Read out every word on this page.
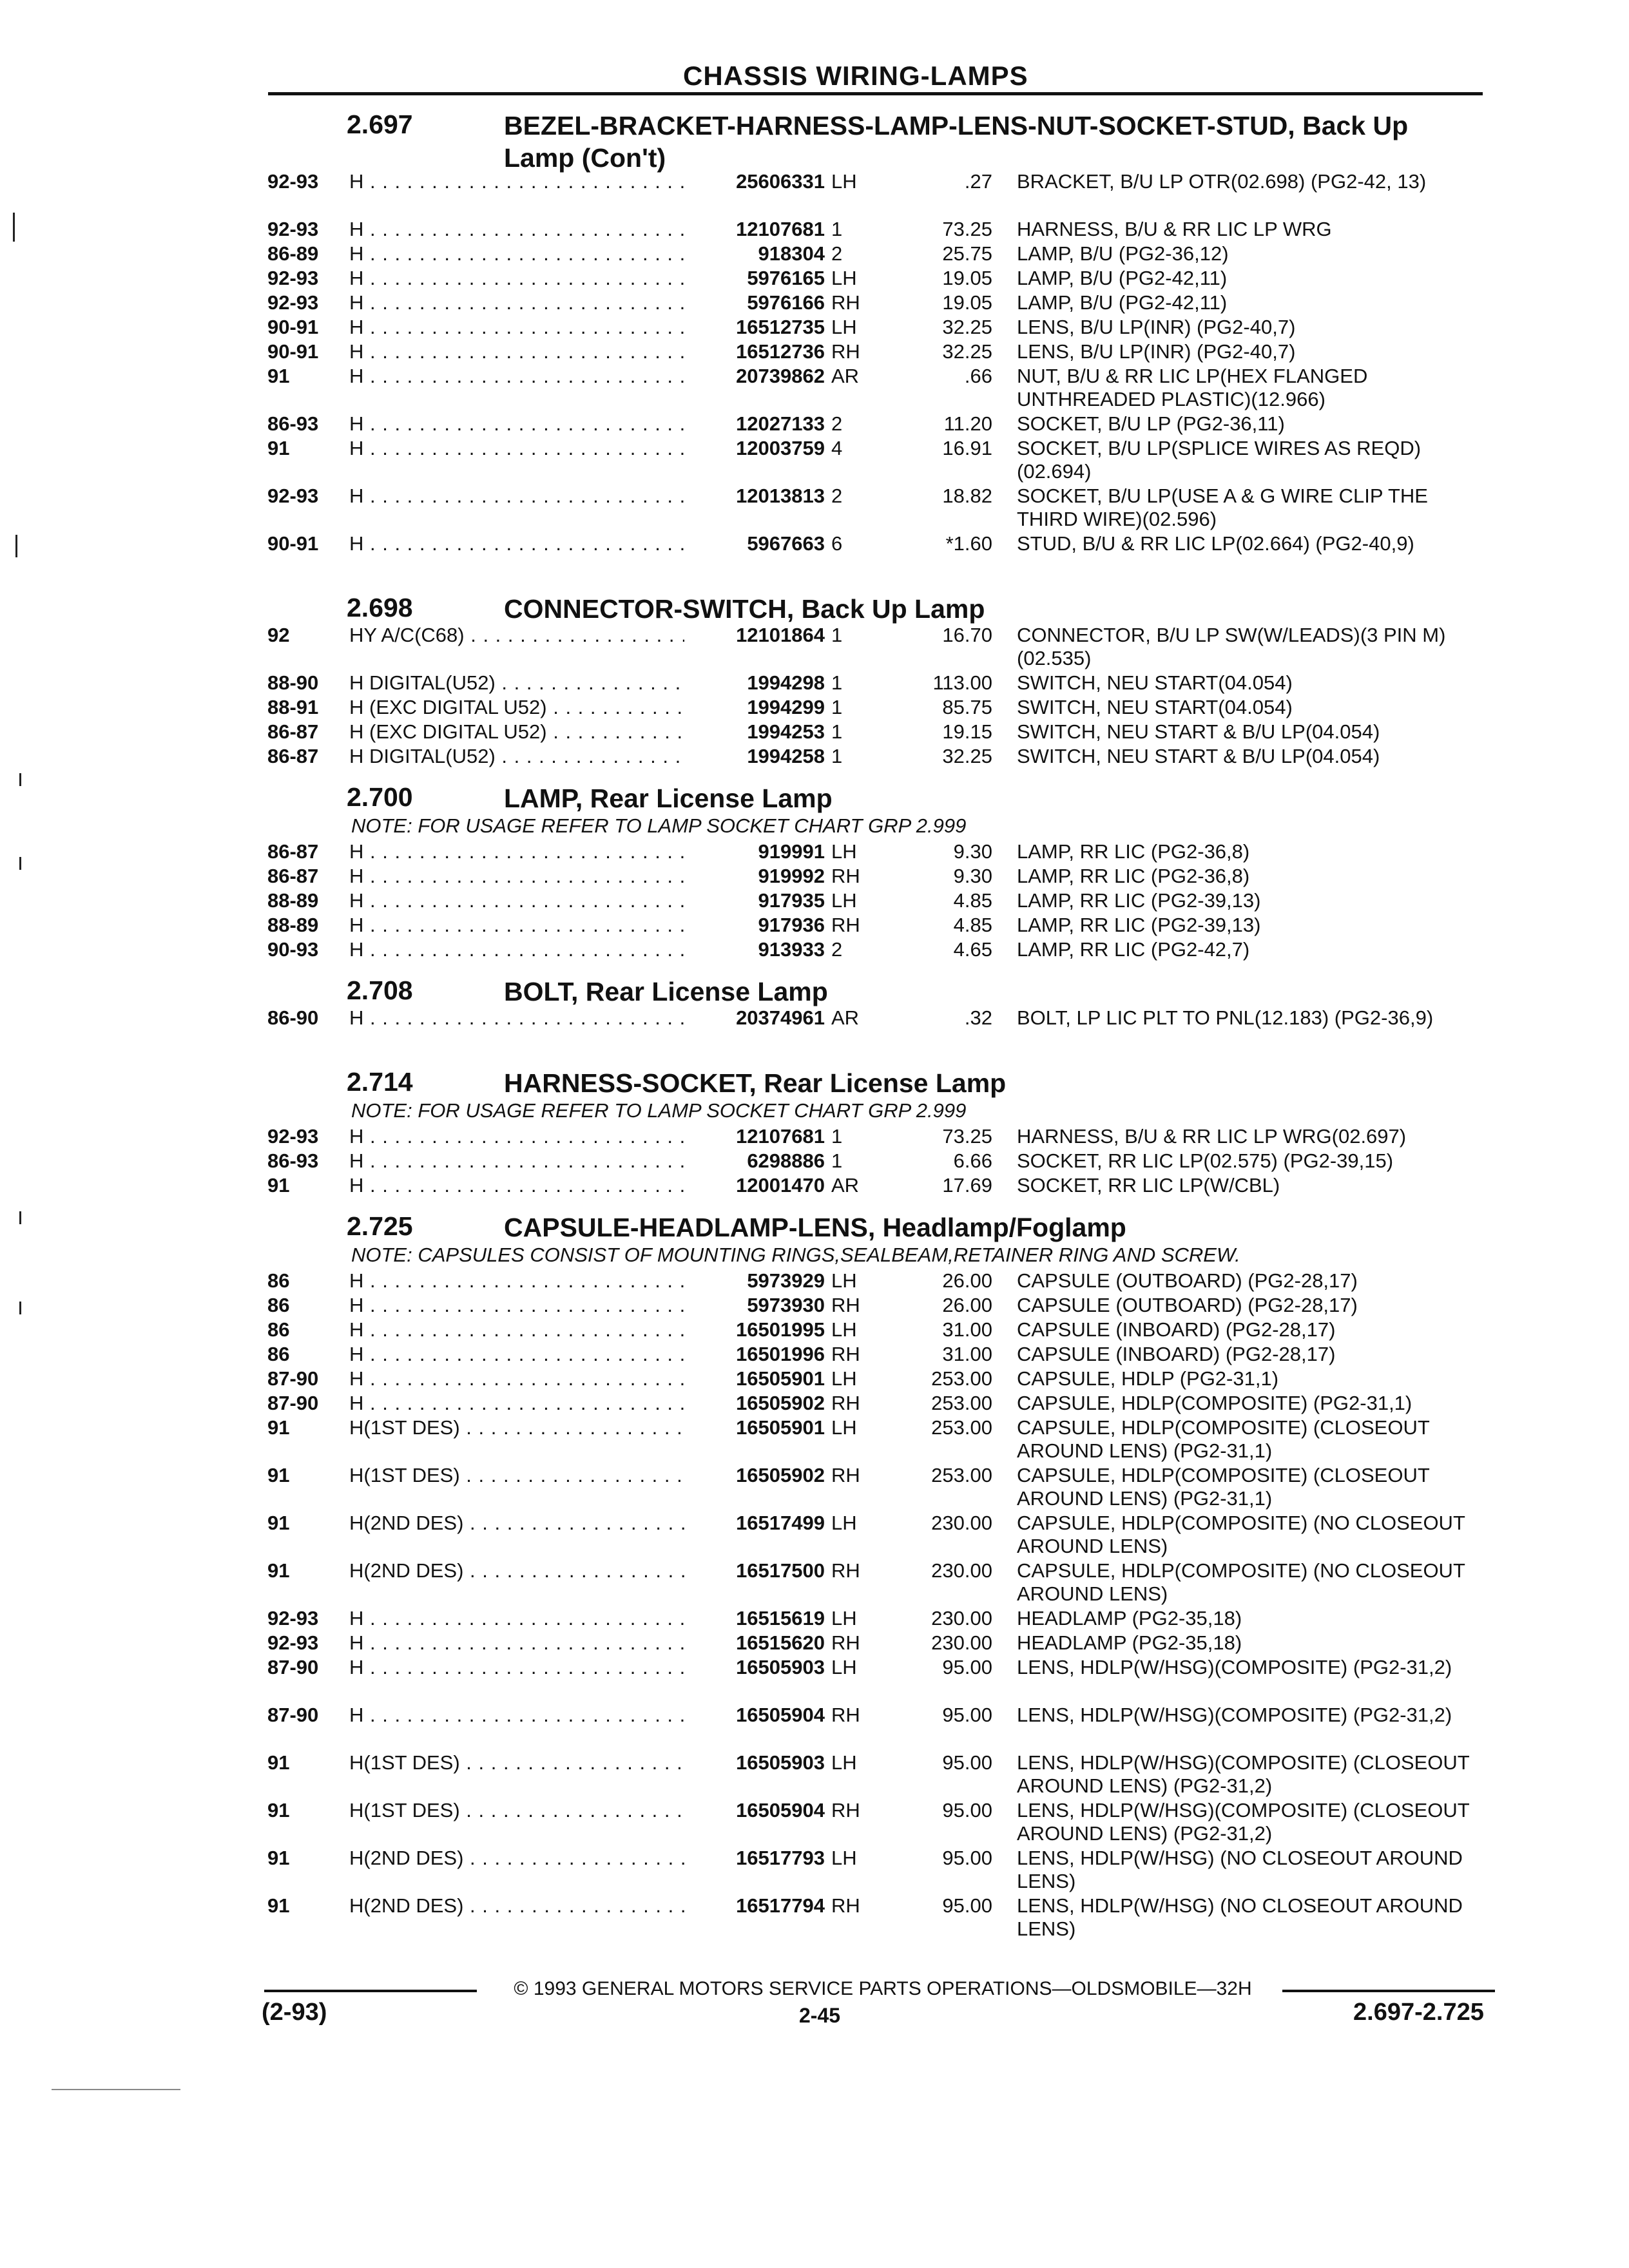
CHASSIS WIRING-LAMPS
2.697	BEZEL-BRACKET-HARNESS-LAMP-LENS-NUT-SOCKET-STUD, Back Up Lamp (Con't)
92-93 H . . .	25606331 LH	.27 BRACKET, B/U LP OTR(02.698) (PG2-42, 13)
92-93 H . . .	12107681 1	73.25 HARNESS, B/U & RR LIC LP WRG
86-89 H . . .	918304 2	25.75 LAMP, B/U (PG2-36,12)
92-93 H . . .	5976165 LH	19.05 LAMP, B/U (PG2-42,11)
92-93 H . . .	5976166 RH	19.05 LAMP, B/U (PG2-42,11)
90-91 H . . .	16512735 LH	32.25 LENS, B/U LP(INR) (PG2-40,7)
90-91 H . . .	16512736 RH	32.25 LENS, B/U LP(INR) (PG2-40,7)
91	H . . .	20739862 AR	.66 NUT, B/U & RR LIC LP(HEX FLANGED UNTHREADED PLASTIC)(12.966)
86-93 H . . .	12027133 2	11.20 SOCKET, B/U LP (PG2-36,11)
91	H . . .	12003759 4	16.91 SOCKET, B/U LP(SPLICE WIRES AS REQD)(02.694)
92-93 H . . .	12013813 2	18.82 SOCKET, B/U LP(USE A & G WIRE CLIP THE THIRD WIRE)(02.596)
90-91 H . . .	5967663 6	*1.60 STUD, B/U & RR LIC LP(02.664) (PG2-40,9)
2.698	CONNECTOR-SWITCH, Back Up Lamp
92	HY A/C(C68) . . .	12101864 1	16.70 CONNECTOR, B/U LP SW(W/LEADS)(3 PIN M)(02.535)
88-90 H DIGITAL(U52) . . .	1994298 1	113.00 SWITCH, NEU START(04.054)
88-91 H (EXC DIGITAL U52) . . .	1994299 1	85.75 SWITCH, NEU START(04.054)
86-87 H (EXC DIGITAL U52) . . .	1994253 1	19.15 SWITCH, NEU START & B/U LP(04.054)
86-87 H DIGITAL(U52) . . .	1994258 1	32.25 SWITCH, NEU START & B/U LP(04.054)
2.700	LAMP, Rear License Lamp
NOTE: FOR USAGE REFER TO LAMP SOCKET CHART GRP 2.999
86-87 H . . .	919991 LH	9.30 LAMP, RR LIC (PG2-36,8)
86-87 H . . .	919992 RH	9.30 LAMP, RR LIC (PG2-36,8)
88-89 H . . .	917935 LH	4.85 LAMP, RR LIC (PG2-39,13)
88-89 H . . .	917936 RH	4.85 LAMP, RR LIC (PG2-39,13)
90-93 H . . .	913933 2	4.65 LAMP, RR LIC (PG2-42,7)
2.708	BOLT, Rear License Lamp
86-90 H . . .	20374961 AR	.32 BOLT, LP LIC PLT TO PNL(12.183) (PG2-36,9)
2.714	HARNESS-SOCKET, Rear License Lamp
NOTE: FOR USAGE REFER TO LAMP SOCKET CHART GRP 2.999
92-93 H . . .	12107681 1	73.25 HARNESS, B/U & RR LIC LP WRG(02.697)
86-93 H . . .	6298886 1	6.66 SOCKET, RR LIC LP(02.575) (PG2-39,15)
91	H . . .	12001470 AR	17.69 SOCKET, RR LIC LP(W/CBL)
2.725	CAPSULE-HEADLAMP-LENS, Headlamp/Foglamp
NOTE: CAPSULES CONSIST OF MOUNTING RINGS,SEALBEAM,RETAINER RING AND SCREW.
86	H . . .	5973929 LH	26.00 CAPSULE (OUTBOARD) (PG2-28,17)
86	H . . .	5973930 RH	26.00 CAPSULE (OUTBOARD) (PG2-28,17)
86	H . . .	16501995 LH	31.00 CAPSULE (INBOARD) (PG2-28,17)
86	H . . .	16501996 RH	31.00 CAPSULE (INBOARD) (PG2-28,17)
87-90 H . . .	16505901 LH	253.00 CAPSULE, HDLP (PG2-31,1)
87-90 H . . .	16505902 RH	253.00 CAPSULE, HDLP(COMPOSITE) (PG2-31,1)
91	H(1ST DES) . . .	16505901 LH	253.00 CAPSULE, HDLP(COMPOSITE) (CLOSEOUT AROUND LENS) (PG2-31,1)
91	H(1ST DES) . . .	16505902 RH	253.00 CAPSULE, HDLP(COMPOSITE) (CLOSEOUT AROUND LENS) (PG2-31,1)
91	H(2ND DES) . . .	16517499 LH	230.00 CAPSULE, HDLP(COMPOSITE) (NO CLOSEOUT AROUND LENS)
91	H(2ND DES) . . .	16517500 RH	230.00 CAPSULE, HDLP(COMPOSITE) (NO CLOSEOUT AROUND LENS)
92-93 H . . .	16515619 LH	230.00 HEADLAMP (PG2-35,18)
92-93 H . . .	16515620 RH	230.00 HEADLAMP (PG2-35,18)
87-90 H . . .	16505903 LH	95.00 LENS, HDLP(W/HSG)(COMPOSITE) (PG2-31,2)
87-90 H . . .	16505904 RH	95.00 LENS, HDLP(W/HSG)(COMPOSITE) (PG2-31,2)
91	H(1ST DES) . . .	16505903 LH	95.00 LENS, HDLP(W/HSG)(COMPOSITE) (CLOSEOUT AROUND LENS) (PG2-31,2)
91	H(1ST DES) . . .	16505904 RH	95.00 LENS, HDLP(W/HSG)(COMPOSITE) (CLOSEOUT AROUND LENS) (PG2-31,2)
91	H(2ND DES) . . .	16517793 LH	95.00 LENS, HDLP(W/HSG) (NO CLOSEOUT AROUND LENS)
91	H(2ND DES) . . .	16517794 RH	95.00 LENS, HDLP(W/HSG) (NO CLOSEOUT AROUND LENS)
© 1993 GENERAL MOTORS SERVICE PARTS OPERATIONS—OLDSMOBILE—32H
(2-93)	2-45	2.697-2.725
